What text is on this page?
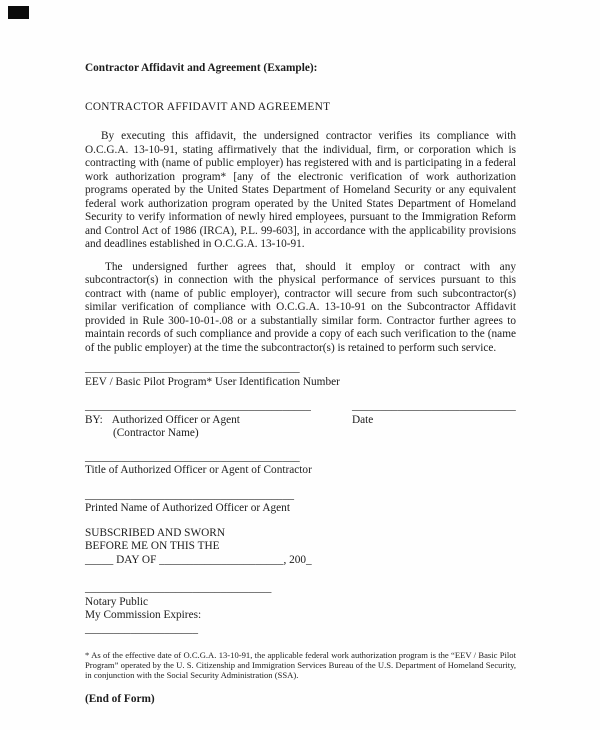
Contractor Affidavit and Agreement (Example):

CONTRACTOR AFFIDAVIT AND AGREEMENT

By executing this affidavit, the undersigned contractor verifies its compliance with O.C.G.A. 13-10-91, stating affirmatively that the individual, firm, or corporation which is contracting with (name of public employer) has registered with and is participating in a federal work authorization program* [any of the electronic verification of work authorization programs operated by the United States Department of Homeland Security or any equivalent federal work authorization program operated by the United States Department of Homeland Security to verify information of newly hired employees, pursuant to the Immigration Reform and Control Act of 1986 (IRCA), P.L. 99-603], in accordance with the applicability provisions and deadlines established in O.C.G.A. 13-10-91.

The undersigned further agrees that, should it employ or contract with any subcontractor(s) in connection with the physical performance of services pursuant to this contract with (name of public employer), contractor will secure from such subcontractor(s) similar verification of compliance with O.C.G.A. 13-10-91 on the Subcontractor Affidavit provided in Rule 300-10-01-.08 or a substantially similar form. Contractor further agrees to maintain records of such compliance and provide a copy of each such verification to the (name of the public employer) at the time the subcontractor(s) is retained to perform such service.

______________________________________
EEV / Basic Pilot Program* User Identification Number
________________________________________	_____________________________
BY: Authorized Officer or Agent	Date
(Contractor Name)
______________________________________
Title of Authorized Officer or Agent of Contractor
_____________________________________
Printed Name of Authorized Officer or Agent
SUBSCRIBED AND SWORN
BEFORE ME ON THIS THE
_____ DAY OF ______________________, 200_
_________________________________
Notary Public
My Commission Expires:
____________________

* As of the effective date of O.C.G.A. 13-10-91, the applicable federal work authorization program is the “EEV / Basic Pilot Program” operated by the U. S. Citizenship and Immigration Services Bureau of the U.S. Department of Homeland Security, in conjunction with the Social Security Administration (SSA).

(End of Form)
